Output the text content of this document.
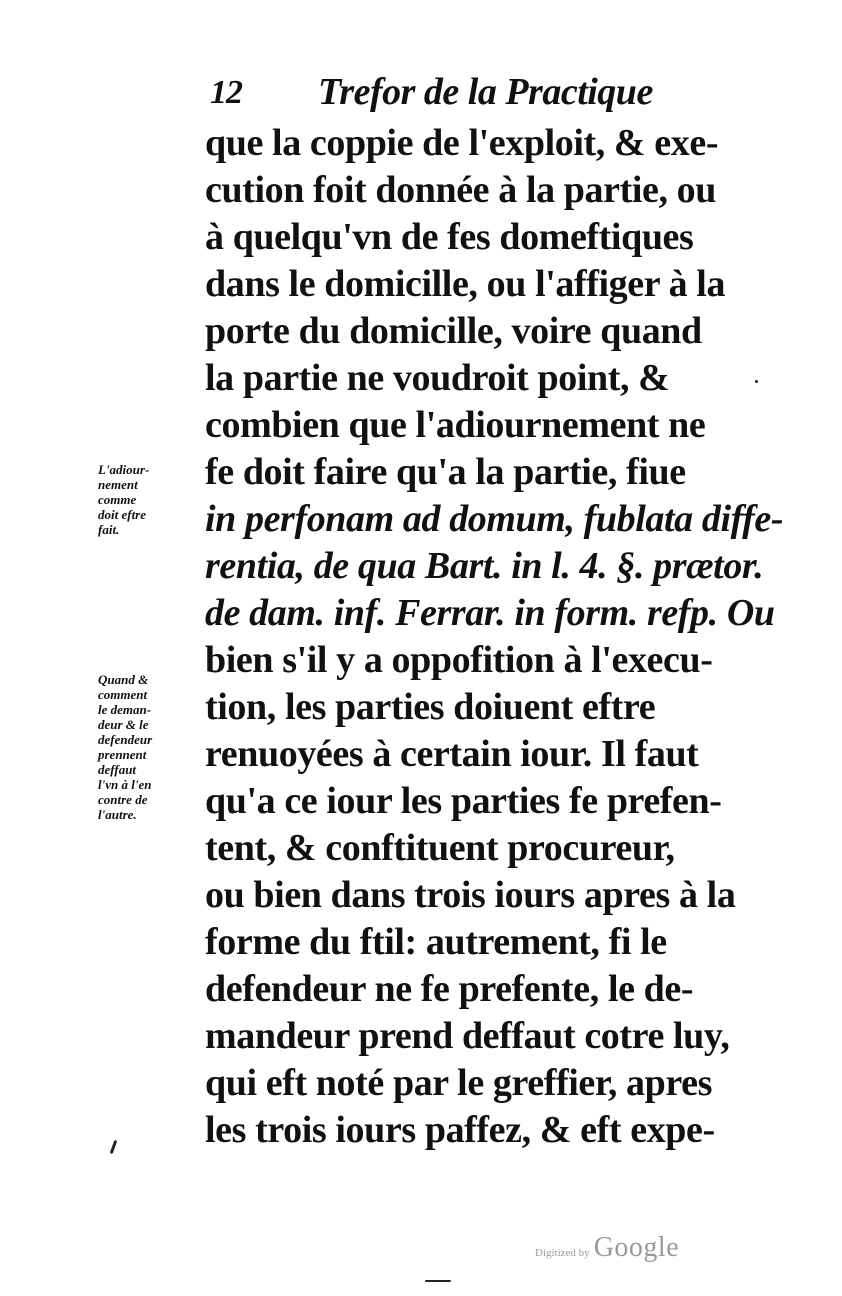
12 Trefor de la Practique
que la coppie de l'exploit, & exe-
cution foit donnée à la partie, ou
à quelqu'vn de fes domeftiques
dans le domicille, ou l'affiger à la
porte du domicille, voire quand
la partie ne voudroit point, &
combien que l'adiournement ne
fe doit faire qu'a la partie, fiue
in perfonam ad domum, fublata diffe-
rentia, de qua Bart. in l. 4. §. prætor.
de dam. inf. Ferrar. in form. refp. Ou
bien s'il y a oppofition à l'execu-
tion, les parties doiuent eftre
renuoyées à certain iour. Il faut
qu'a ce iour les parties fe prefen-
tent, & conftituent procureur,
ou bien dans trois iours apres à la
forme du ftil: autrement, fi le
defendeur ne fe prefente, le de-
mandeur prend deffaut cotre luy,
qui eft noté par le greffier, apres
les trois iours paffez, & eft expe-
L'adiour-
nement
comme
doit eftre
fait.
Quand &
comment
le deman-
deur & le
defendeur
prennent
deffaut
l'vn à l'en
contre de
l'autre.
Digitized by Google
